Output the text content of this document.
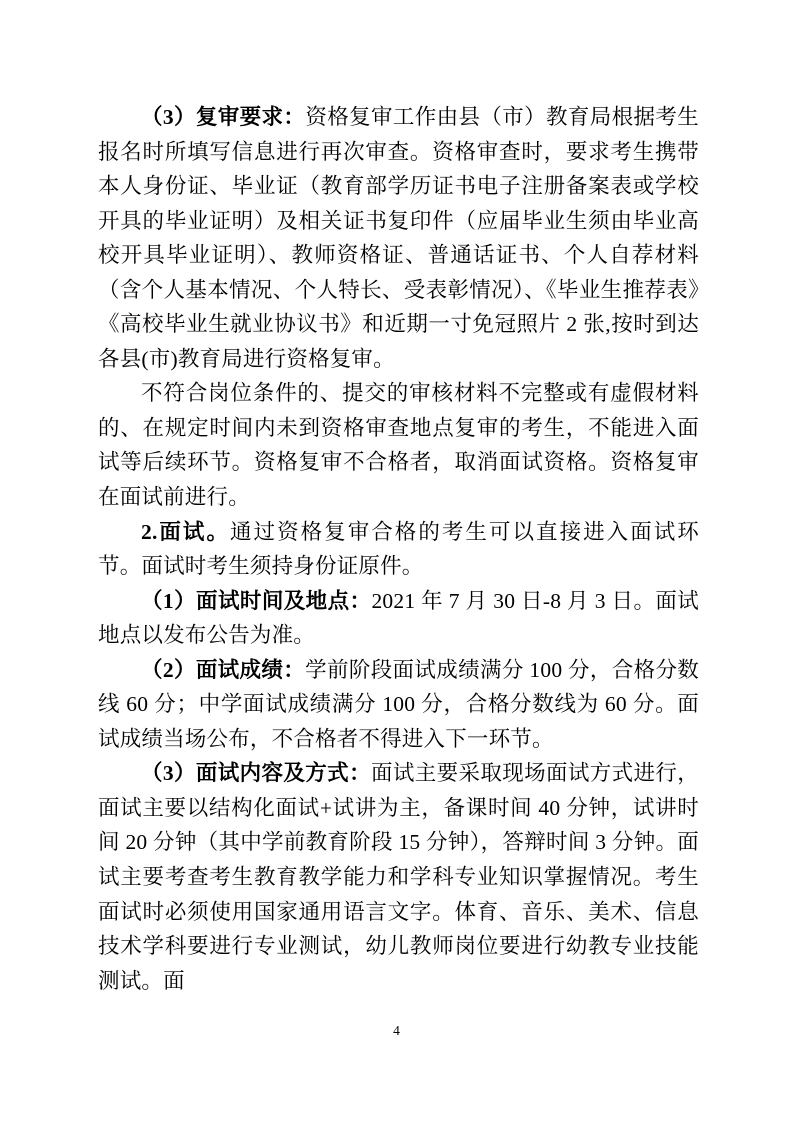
（3）复审要求：资格复审工作由县（市）教育局根据考生报名时所填写信息进行再次审查。资格审查时，要求考生携带本人身份证、毕业证（教育部学历证书电子注册备案表或学校开具的毕业证明）及相关证书复印件（应届毕业生须由毕业高校开具毕业证明）、教师资格证、普通话证书、个人自荐材料（含个人基本情况、个人特长、受表彰情况）、《毕业生推荐表》《高校毕业生就业协议书》和近期一寸免冠照片 2 张,按时到达各县(市)教育局进行资格复审。

不符合岗位条件的、提交的审核材料不完整或有虚假材料的、在规定时间内未到资格审查地点复审的考生，不能进入面试等后续环节。资格复审不合格者，取消面试资格。资格复审在面试前进行。

2.面试。通过资格复审合格的考生可以直接进入面试环节。面试时考生须持身份证原件。

（1）面试时间及地点：2021 年 7 月 30 日-8 月 3 日。面试地点以发布公告为准。

（2）面试成绩：学前阶段面试成绩满分 100 分，合格分数线 60 分；中学面试成绩满分 100 分，合格分数线为 60 分。面试成绩当场公布，不合格者不得进入下一环节。

（3）面试内容及方式：面试主要采取现场面试方式进行，面试主要以结构化面试+试讲为主，备课时间 40 分钟，试讲时间 20 分钟（其中学前教育阶段 15 分钟），答辩时间 3 分钟。面试主要考查考生教育教学能力和学科专业知识掌握情况。考生面试时必须使用国家通用语言文字。体育、音乐、美术、信息技术学科要进行专业测试，幼儿教师岗位要进行幼教专业技能测试。面

4
